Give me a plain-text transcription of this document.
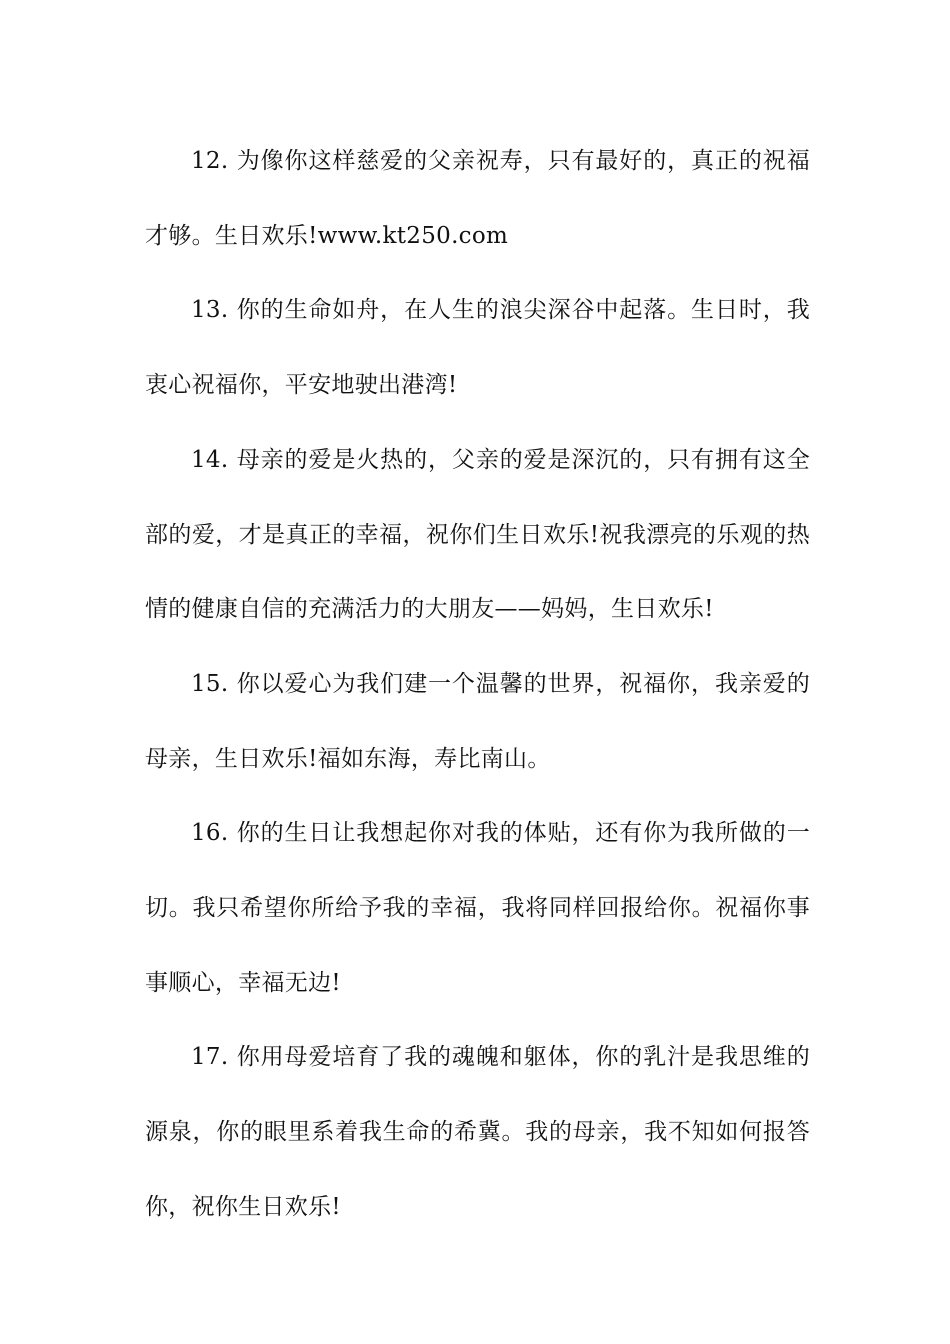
12. 为像你这样慈爱的父亲祝寿，只有最好的，真正的祝福才够。生日欢乐!www.kt250.com

13. 你的生命如舟，在人生的浪尖深谷中起落。生日时，我衷心祝福你，平安地驶出港湾!

14. 母亲的爱是火热的，父亲的爱是深沉的，只有拥有这全部的爱，才是真正的幸福，祝你们生日欢乐!祝我漂亮的乐观的热情的健康自信的充满活力的大朋友——妈妈，生日欢乐!

15. 你以爱心为我们建一个温馨的世界，祝福你，我亲爱的母亲，生日欢乐!福如东海，寿比南山。

16. 你的生日让我想起你对我的体贴，还有你为我所做的一切。我只希望你所给予我的幸福，我将同样回报给你。祝福你事事顺心，幸福无边!

17. 你用母爱培育了我的魂魄和躯体，你的乳汁是我思维的源泉，你的眼里系着我生命的希冀。我的母亲，我不知如何报答你，祝你生日欢乐!
